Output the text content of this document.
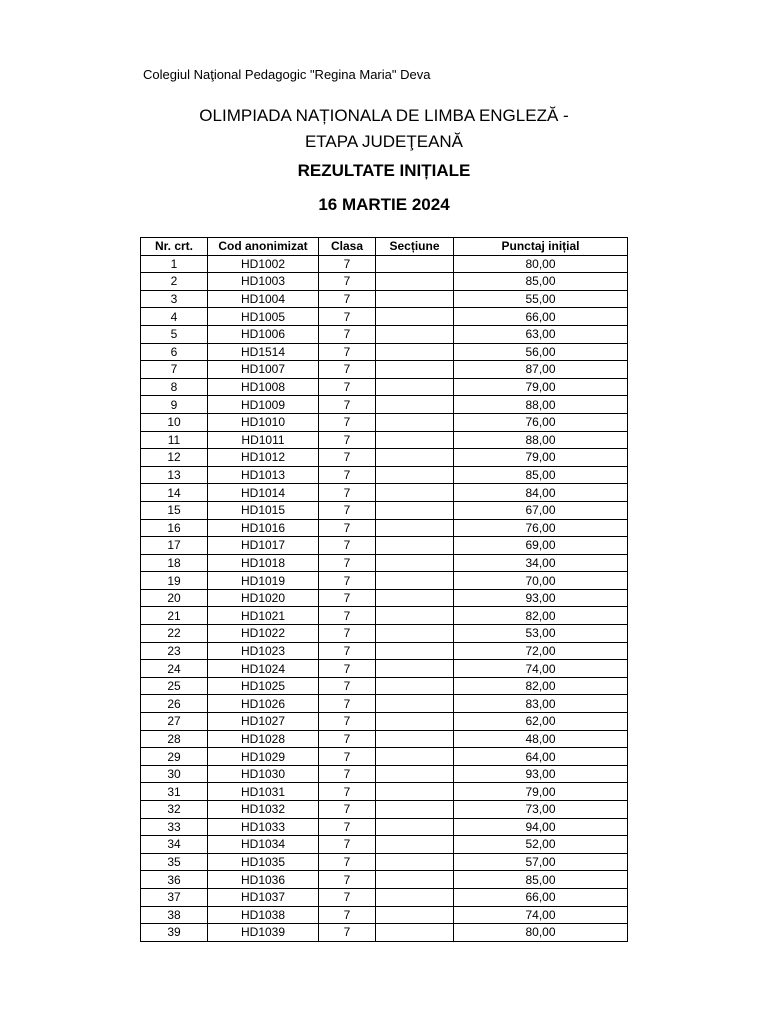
Colegiul Naţional Pedagogic "Regina Maria" Deva
OLIMPIADA NAȚIONALA DE LIMBA ENGLEZĂ -
ETAPA JUDEŢEANĂ
REZULTATE INIȚIALE
16 MARTIE 2024
Nr. crt.	Cod anonimizat	Clasa	Secțiune	Punctaj inițial
1	HD1002	7		80,00
2	HD1003	7		85,00
3	HD1004	7		55,00
4	HD1005	7		66,00
5	HD1006	7		63,00
6	HD1514	7		56,00
7	HD1007	7		87,00
8	HD1008	7		79,00
9	HD1009	7		88,00
10	HD1010	7		76,00
11	HD1011	7		88,00
12	HD1012	7		79,00
13	HD1013	7		85,00
14	HD1014	7		84,00
15	HD1015	7		67,00
16	HD1016	7		76,00
17	HD1017	7		69,00
18	HD1018	7		34,00
19	HD1019	7		70,00
20	HD1020	7		93,00
21	HD1021	7		82,00
22	HD1022	7		53,00
23	HD1023	7		72,00
24	HD1024	7		74,00
25	HD1025	7		82,00
26	HD1026	7		83,00
27	HD1027	7		62,00
28	HD1028	7		48,00
29	HD1029	7		64,00
30	HD1030	7		93,00
31	HD1031	7		79,00
32	HD1032	7		73,00
33	HD1033	7		94,00
34	HD1034	7		52,00
35	HD1035	7		57,00
36	HD1036	7		85,00
37	HD1037	7		66,00
38	HD1038	7		74,00
39	HD1039	7		80,00
